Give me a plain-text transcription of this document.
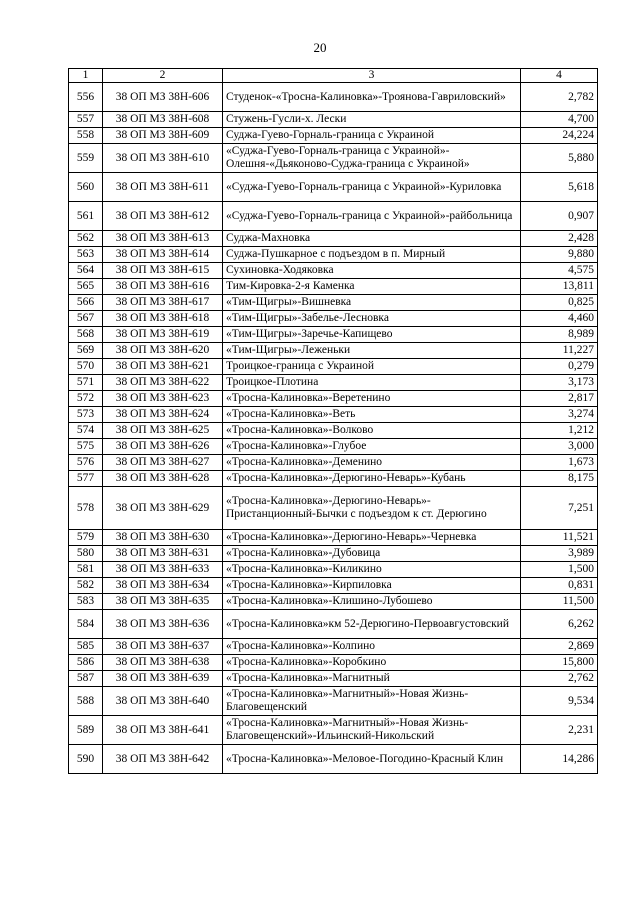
20
1	2	3	4
556	38 ОП МЗ 38Н-606	Студенок-«Тросна-Калиновка»-Троянова-Гавриловский»	2,782
557	38 ОП МЗ 38Н-608	Стужень-Гусли-х. Лески	4,700
558	38 ОП МЗ 38Н-609	Суджа-Гуево-Горналь-граница с Украиной	24,224
559	38 ОП МЗ 38Н-610	«Суджа-Гуево-Горналь-граница с Украиной»-Олешня-«Дьяконово-Суджа-граница с Украиной»	5,880
560	38 ОП МЗ 38Н-611	«Суджа-Гуево-Горналь-граница с Украиной»-Куриловка	5,618
561	38 ОП МЗ 38Н-612	«Суджа-Гуево-Горналь-граница с Украиной»-райбольница	0,907
562	38 ОП МЗ 38Н-613	Суджа-Махновка	2,428
563	38 ОП МЗ 38Н-614	Суджа-Пушкарное с подъездом в п. Мирный	9,880
564	38 ОП МЗ 38Н-615	Сухиновка-Ходяковка	4,575
565	38 ОП МЗ 38Н-616	Тим-Кировка-2-я Каменка	13,811
566	38 ОП МЗ 38Н-617	«Тим-Щигры»-Вишневка	0,825
567	38 ОП МЗ 38Н-618	«Тим-Щигры»-Забелье-Лесновка	4,460
568	38 ОП МЗ 38Н-619	«Тим-Щигры»-Заречье-Капищево	8,989
569	38 ОП МЗ 38Н-620	«Тим-Щигры»-Леженьки	11,227
570	38 ОП МЗ 38Н-621	Троицкое-граница с Украиной	0,279
571	38 ОП МЗ 38Н-622	Троицкое-Плотина	3,173
572	38 ОП МЗ 38Н-623	«Тросна-Калиновка»-Веретенино	2,817
573	38 ОП МЗ 38Н-624	«Тросна-Калиновка»-Веть	3,274
574	38 ОП МЗ 38Н-625	«Тросна-Калиновка»-Волково	1,212
575	38 ОП МЗ 38Н-626	«Тросна-Калиновка»-Глубое	3,000
576	38 ОП МЗ 38Н-627	«Тросна-Калиновка»-Деменино	1,673
577	38 ОП МЗ 38Н-628	«Тросна-Калиновка»-Дерюгино-Неварь»-Кубань	8,175
578	38 ОП МЗ 38Н-629	«Тросна-Калиновка»-Дерюгино-Неварь»-Пристанционный-Бычки с подъездом к ст. Дерюгино	7,251
579	38 ОП МЗ 38Н-630	«Тросна-Калиновка»-Дерюгино-Неварь»-Черневка	11,521
580	38 ОП МЗ 38Н-631	«Тросна-Калиновка»-Дубовица	3,989
581	38 ОП МЗ 38Н-633	«Тросна-Калиновка»-Киликино	1,500
582	38 ОП МЗ 38Н-634	«Тросна-Калиновка»-Кирпиловка	0,831
583	38 ОП МЗ 38Н-635	«Тросна-Калиновка»-Клишино-Лубошево	11,500
584	38 ОП МЗ 38Н-636	«Тросна-Калиновка»км 52-Дерюгино-Первоавгустовский	6,262
585	38 ОП МЗ 38Н-637	«Тросна-Калиновка»-Колпино	2,869
586	38 ОП МЗ 38Н-638	«Тросна-Калиновка»-Коробкино	15,800
587	38 ОП МЗ 38Н-639	«Тросна-Калиновка»-Магнитный	2,762
588	38 ОП МЗ 38Н-640	«Тросна-Калиновка»-Магнитный»-Новая Жизнь-Благовещенский	9,534
589	38 ОП МЗ 38Н-641	«Тросна-Калиновка»-Магнитный»-Новая Жизнь-Благовещенский»-Ильинский-Никольский	2,231
590	38 ОП МЗ 38Н-642	«Тросна-Калиновка»-Меловое-Погодино-Красный Клин	14,286
